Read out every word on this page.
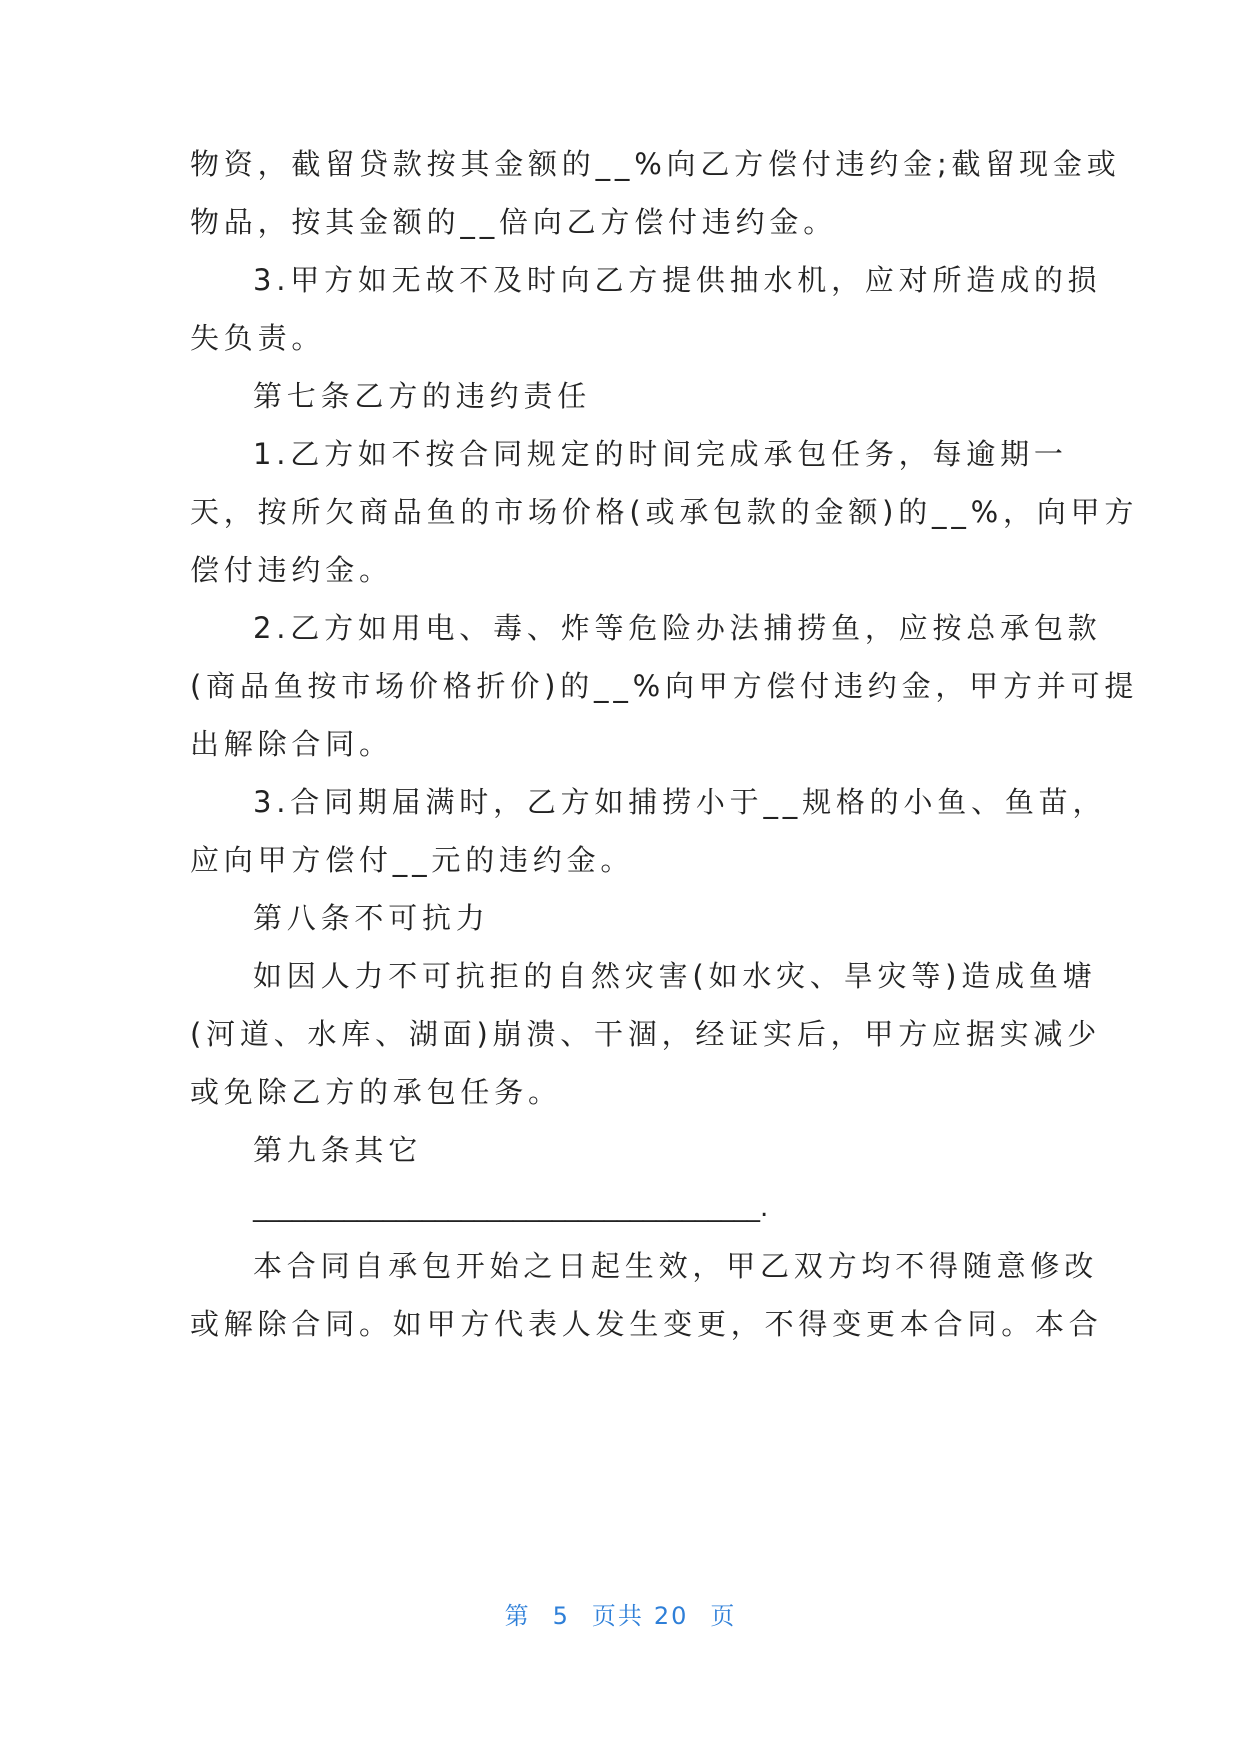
物资，截留贷款按其金额的__%向乙方偿付违约金;截留现金或
物品，按其金额的__倍向乙方偿付违约金。
3.甲方如无故不及时向乙方提供抽水机，应对所造成的损
失负责。
第七条乙方的违约责任
1.乙方如不按合同规定的时间完成承包任务，每逾期一
天，按所欠商品鱼的市场价格(或承包款的金额)的__%，向甲方
偿付违约金。
2.乙方如用电、毒、炸等危险办法捕捞鱼，应按总承包款
(商品鱼按市场价格折价)的__%向甲方偿付违约金，甲方并可提
出解除合同。
3.合同期届满时，乙方如捕捞小于__规格的小鱼、鱼苗，
应向甲方偿付__元的违约金。
第八条不可抗力
如因人力不可抗拒的自然灾害(如水灾、旱灾等)造成鱼塘
(河道、水库、湖面)崩溃、干涸，经证实后，甲方应据实减少
或免除乙方的承包任务。
第九条其它
_______________________________________.
本合同自承包开始之日起生效，甲乙双方均不得随意修改
或解除合同。如甲方代表人发生变更，不得变更本合同。本合
第 5 页共 20 页
